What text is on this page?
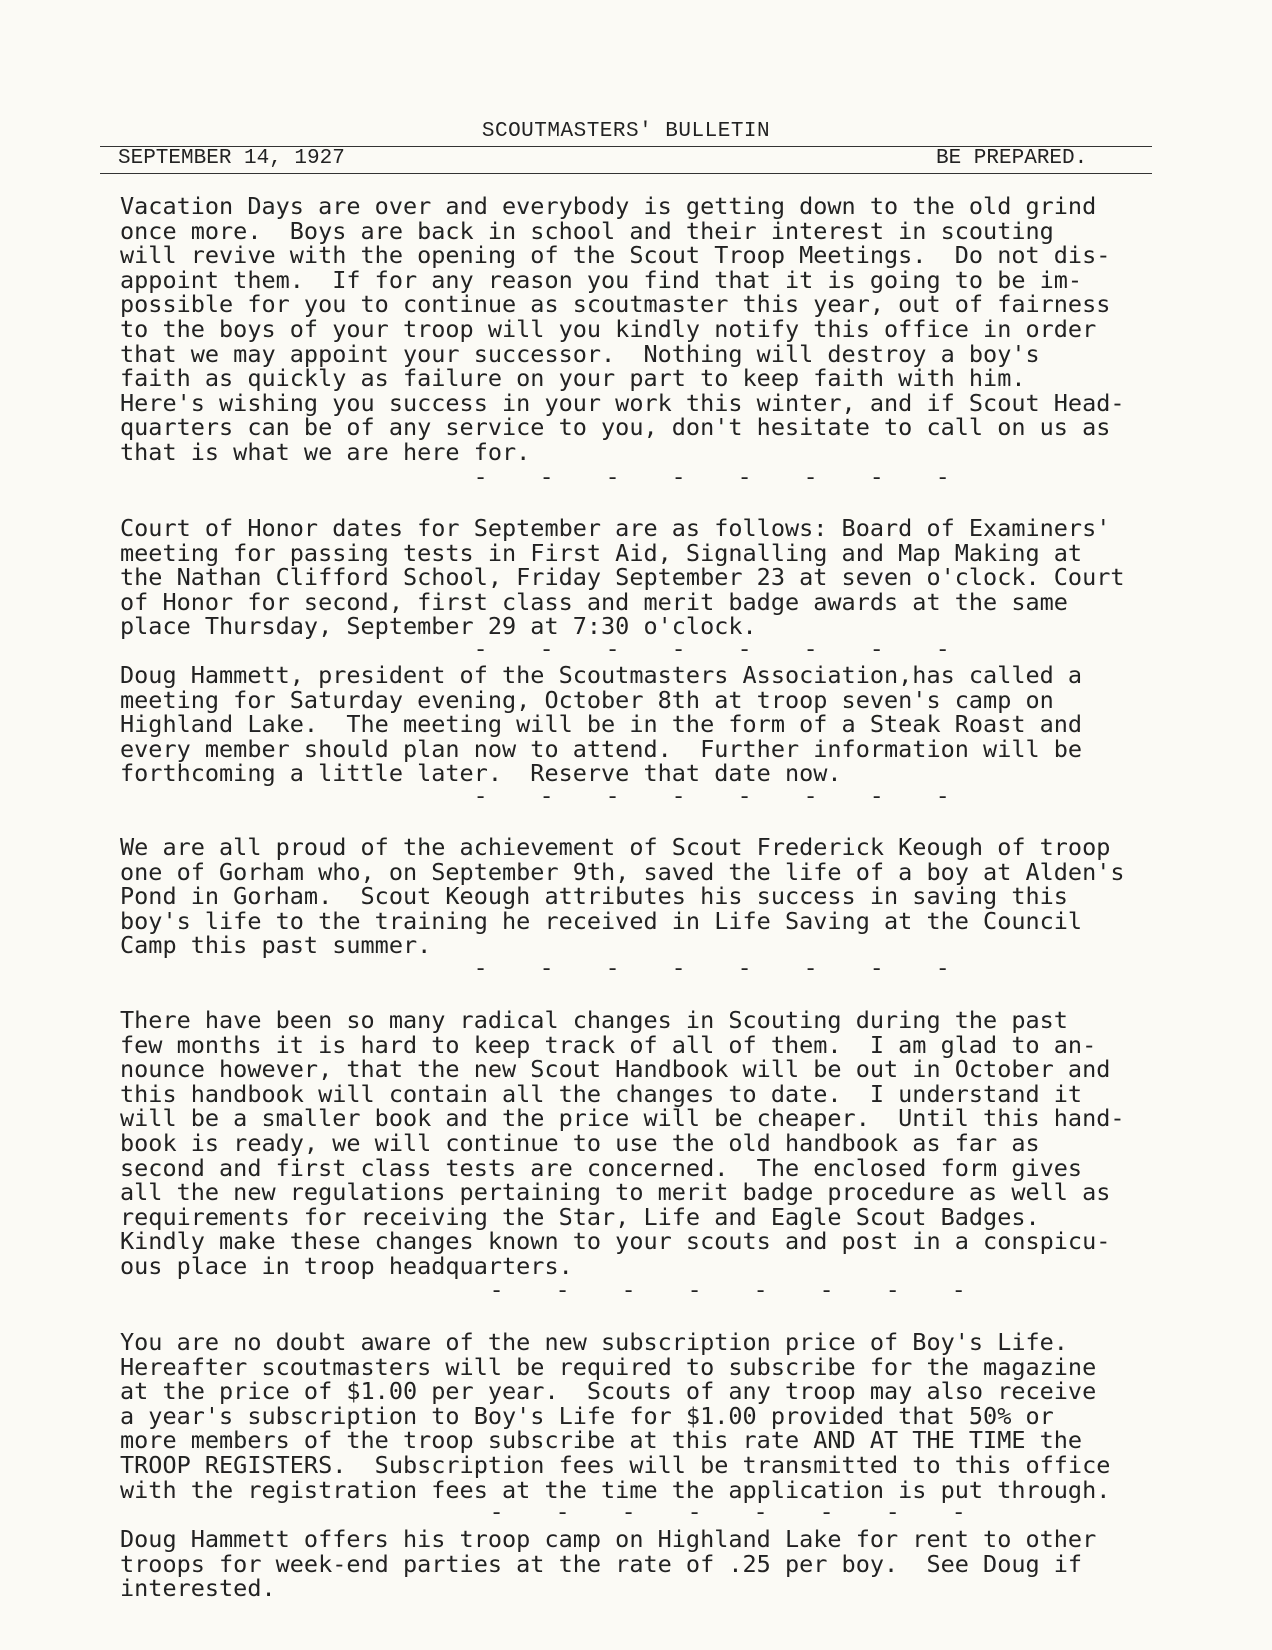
SCOUTMASTERS' BULLETIN
SEPTEMBER 14, 1927	BE PREPARED.
Vacation Days are over and everybody is getting down to the old grind
once more.  Boys are back in school and their interest in scouting
will revive with the opening of the Scout Troop Meetings.  Do not dis-
appoint them.  If for any reason you find that it is going to be im-
possible for you to continue as scoutmaster this year, out of fairness
to the boys of your troop will you kindly notify this office in order
that we may appoint your successor.  Nothing will destroy a boy's
faith as quickly as failure on your part to keep faith with him.
Here's wishing you success in your work this winter, and if Scout Head-
quarters can be of any service to you, don't hesitate to call on us as
that is what we are here for.
-    -    -    -    -    -    -    -
Court of Honor dates for September are as follows: Board of Examiners'
meeting for passing tests in First Aid, Signalling and Map Making at
the Nathan Clifford School, Friday September 23 at seven o'clock. Court
of Honor for second, first class and merit badge awards at the same
place Thursday, September 29 at 7:30 o'clock.
-    -    -    -    -    -    -    -
Doug Hammett, president of the Scoutmasters Association,has called a
meeting for Saturday evening, October 8th at troop seven's camp on
Highland Lake.  The meeting will be in the form of a Steak Roast and
every member should plan now to attend.  Further information will be
forthcoming a little later.  Reserve that date now.
-    -    -    -    -    -    -    -
We are all proud of the achievement of Scout Frederick Keough of troop
one of Gorham who, on September 9th, saved the life of a boy at Alden's
Pond in Gorham.  Scout Keough attributes his success in saving this
boy's life to the training he received in Life Saving at the Council
Camp this past summer.
-    -    -    -    -    -    -    -
There have been so many radical changes in Scouting during the past
few months it is hard to keep track of all of them.  I am glad to an-
nounce however, that the new Scout Handbook will be out in October and
this handbook will contain all the changes to date.  I understand it
will be a smaller book and the price will be cheaper.  Until this hand-
book is ready, we will continue to use the old handbook as far as
second and first class tests are concerned.  The enclosed form gives
all the new regulations pertaining to merit badge procedure as well as
requirements for receiving the Star, Life and Eagle Scout Badges.
Kindly make these changes known to your scouts and post in a conspicu-
ous place in troop headquarters.
-    -    -    -    -    -    -    -
You are no doubt aware of the new subscription price of Boy's Life.
Hereafter scoutmasters will be required to subscribe for the magazine
at the price of $1.00 per year.  Scouts of any troop may also receive
a year's subscription to Boy's Life for $1.00 provided that 50% or
more members of the troop subscribe at this rate AND AT THE TIME the
TROOP REGISTERS.  Subscription fees will be transmitted to this office
with the registration fees at the time the application is put through.
-    -    -    -    -    -    -    -
Doug Hammett offers his troop camp on Highland Lake for rent to other
troops for week-end parties at the rate of .25 per boy.  See Doug if
interested.
